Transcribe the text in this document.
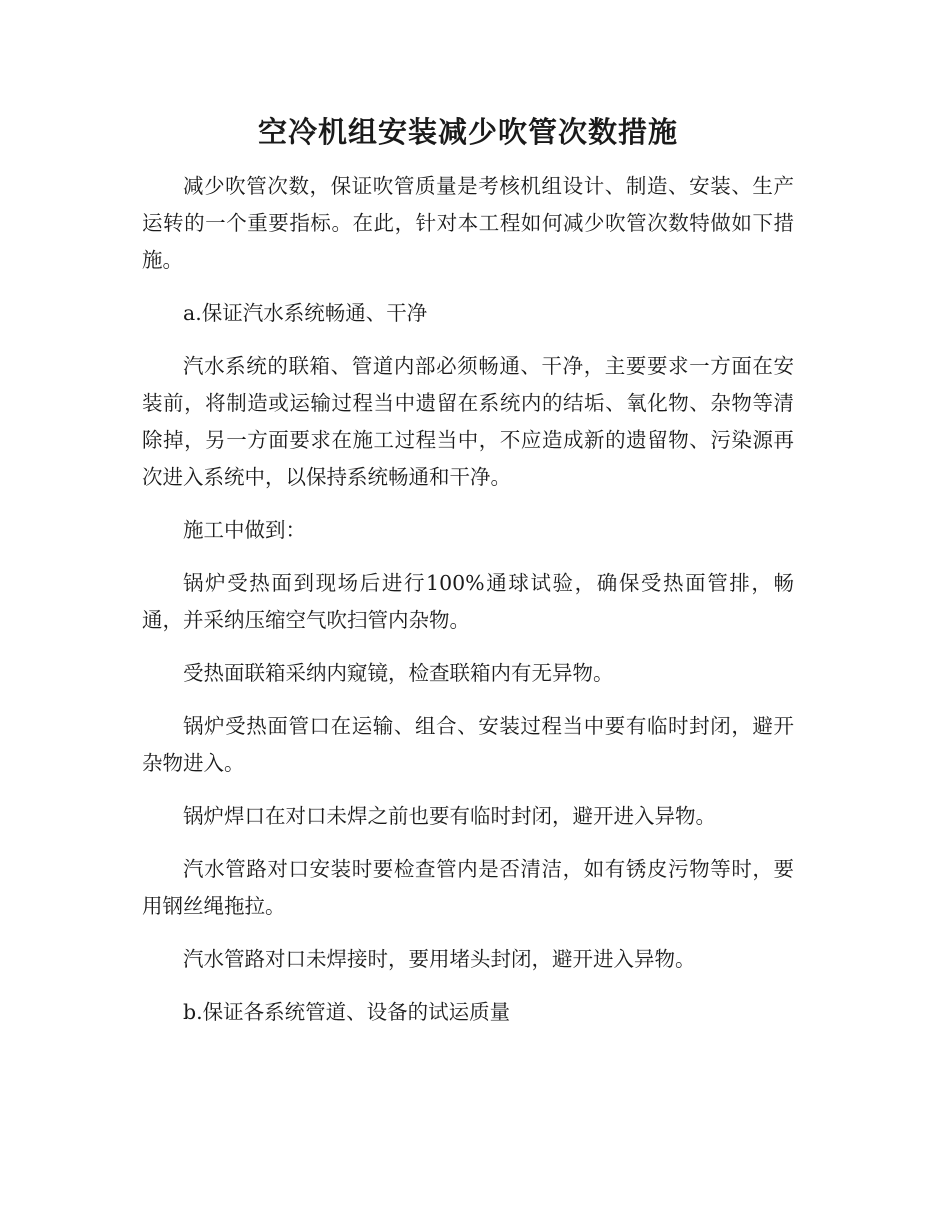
空冷机组安装减少吹管次数措施

减少吹管次数，保证吹管质量是考核机组设计、制造、安装、生产运转的一个重要指标。在此，针对本工程如何减少吹管次数特做如下措施。

a.保证汽水系统畅通、干净

汽水系统的联箱、管道内部必须畅通、干净，主要要求一方面在安装前，将制造或运输过程当中遗留在系统内的结垢、氧化物、杂物等清除掉，另一方面要求在施工过程当中，不应造成新的遗留物、污染源再次进入系统中，以保持系统畅通和干净。

施工中做到：

锅炉受热面到现场后进行100%通球试验，确保受热面管排，畅通，并采纳压缩空气吹扫管内杂物。

受热面联箱采纳内窥镜，检查联箱内有无异物。

锅炉受热面管口在运输、组合、安装过程当中要有临时封闭，避开杂物进入。

锅炉焊口在对口未焊之前也要有临时封闭，避开进入异物。

汽水管路对口安装时要检查管内是否清洁，如有锈皮污物等时，要用钢丝绳拖拉。

汽水管路对口未焊接时，要用堵头封闭，避开进入异物。

b.保证各系统管道、设备的试运质量
